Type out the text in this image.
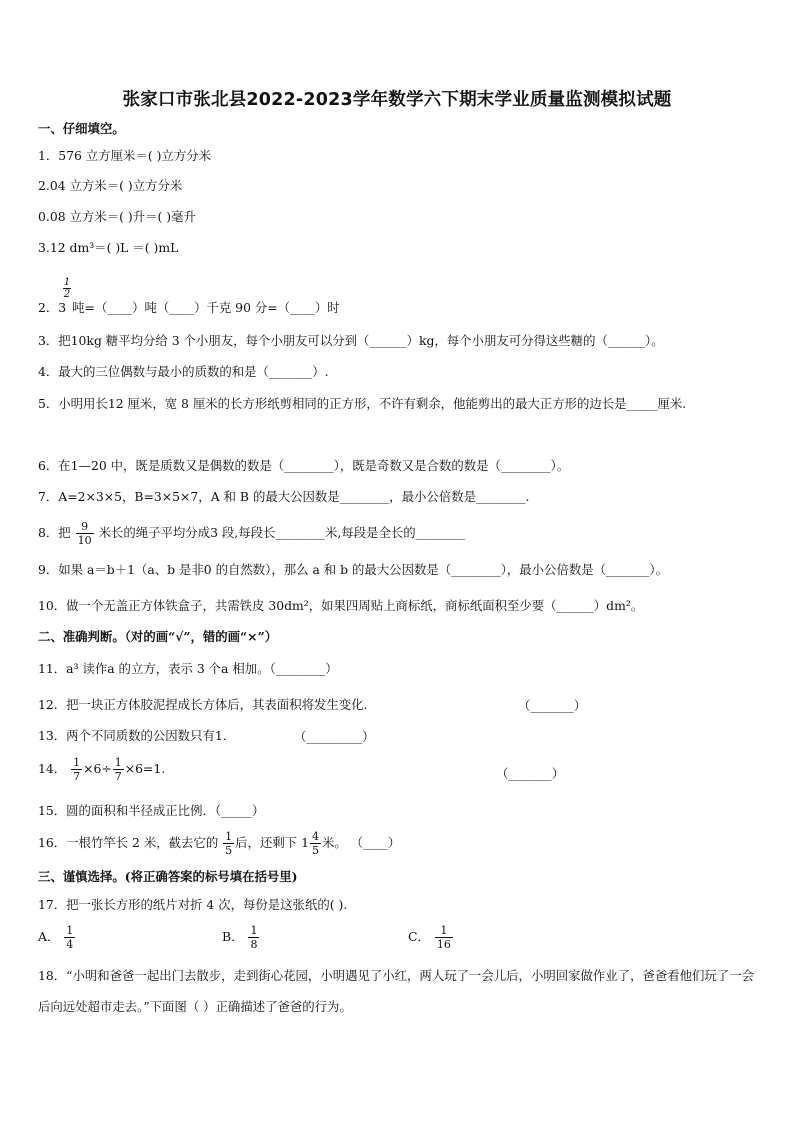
张家口市张北县2022-2023学年数学六下期末学业质量监测模拟试题
一、仔细填空。
1．576 立方厘米＝( )立方分米
2.04 立方米＝( )立方分米
0.08 立方米＝( )升＝( )毫升
3.12 dm³＝( )L ＝( )mL
$\frac{1}{2}$
2．3 吨=（____）吨（____）千克 90 分=（____）时
3．把10kg 糖平均分给 3 个小朋友，每个小朋友可以分到（______）kg，每个小朋友可分得这些糖的（______）。
4．最大的三位偶数与最小的质数的和是（_______）.
5．小明用长12 厘米，宽 8 厘米的长方形纸剪相同的正方形，不许有剩余，他能剪出的最大正方形的边长是_____厘米.
6．在1—20 中，既是质数又是偶数的数是（________），既是奇数又是合数的数是（________）。
7．A=2×3×5，B=3×5×7，A 和 B 的最大公因数是________，最小公倍数是________.
8．把 $\frac{9}{10}$ 米长的绳子平均分成3 段,每段长________米,每段是全长的________
9．如果 a＝b＋1（a、b 是非0 的自然数），那么 a 和 b 的最大公因数是（________），最小公倍数是（_______）。
10．做一个无盖正方体铁盒子，共需铁皮 30dm²，如果四周贴上商标纸，商标纸面积至少要（______）dm²。
二、准确判断。（对的画“√”，错的画“×”）
11．a³ 读作a 的立方，表示 3 个a 相加。（________）
12．把一块正方体胶泥捏成长方体后，其表面积将发生变化.	（_______）
13．两个不同质数的公因数只有1．	（_________）
14． $\frac{1}{7} \times 6\div \frac{1}{7} \times 6=1$.	（_______）
15．圆的面积和半径成正比例．（_____）
16．一根竹竿长 2 米，截去它的 $\frac{1}{5}$ 后，还剩下 $1 \frac{4}{5}$ 米。 （____）
三、谨慎选择。(将正确答案的标号填在括号里)
17．把一张长方形的纸片对折 4 次，每份是这张纸的( ).
A． $\frac{1}{4}$	B． $\frac{1}{8}$	C． $\frac{1}{16}$
18．“小明和爸爸一起出门去散步，走到街心花园，小明遇见了小红，两人玩了一会儿后，小明回家做作业了，爸爸看他们玩了一会后向远处超市走去。”下面图（ ）正确描述了爸爸的行为。
